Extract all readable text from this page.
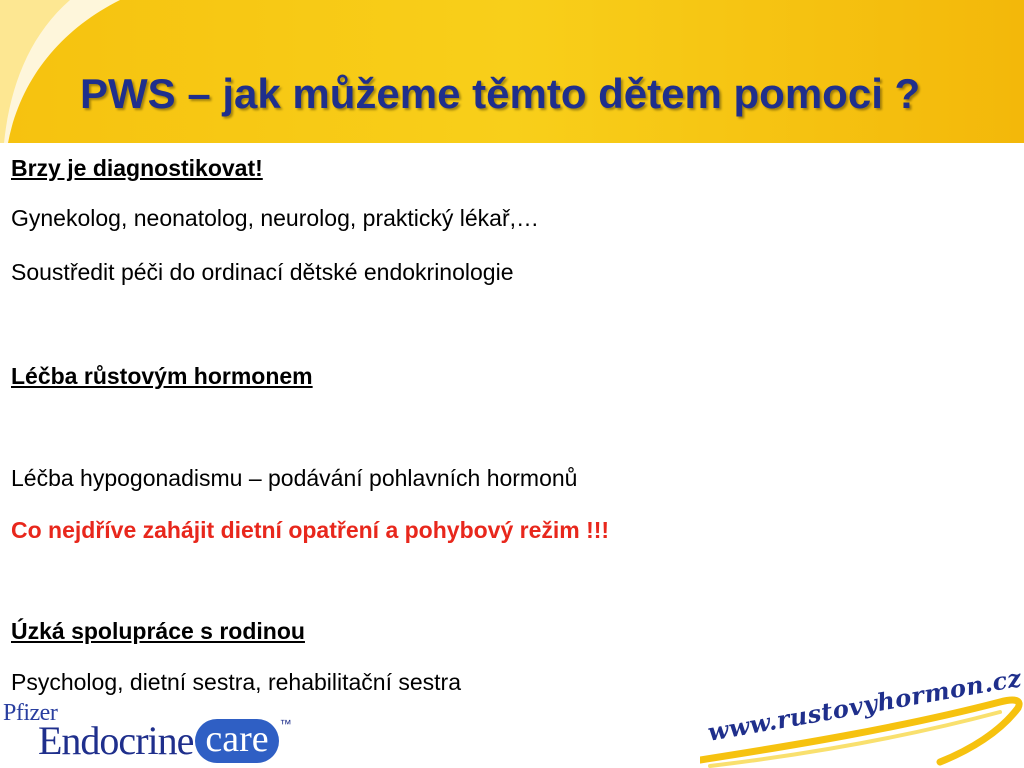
PWS – jak můžeme těmto dětem pomoci ?

Brzy je diagnostikovat!

Gynekolog, neonatolog, neurolog, praktický lékař,…

Soustředit péči do ordinací dětské endokrinologie

Léčba růstovým hormonem

Léčba hypogonadismu – podávání pohlavních hormonů

Co nejdříve zahájit dietní opatření a pohybový režim !!!

Úzká spolupráce s rodinou

Psycholog, dietní sestra, rehabilitační sestra

Pfizer
Endocrine care ™	www.rustovyhormon.cz
